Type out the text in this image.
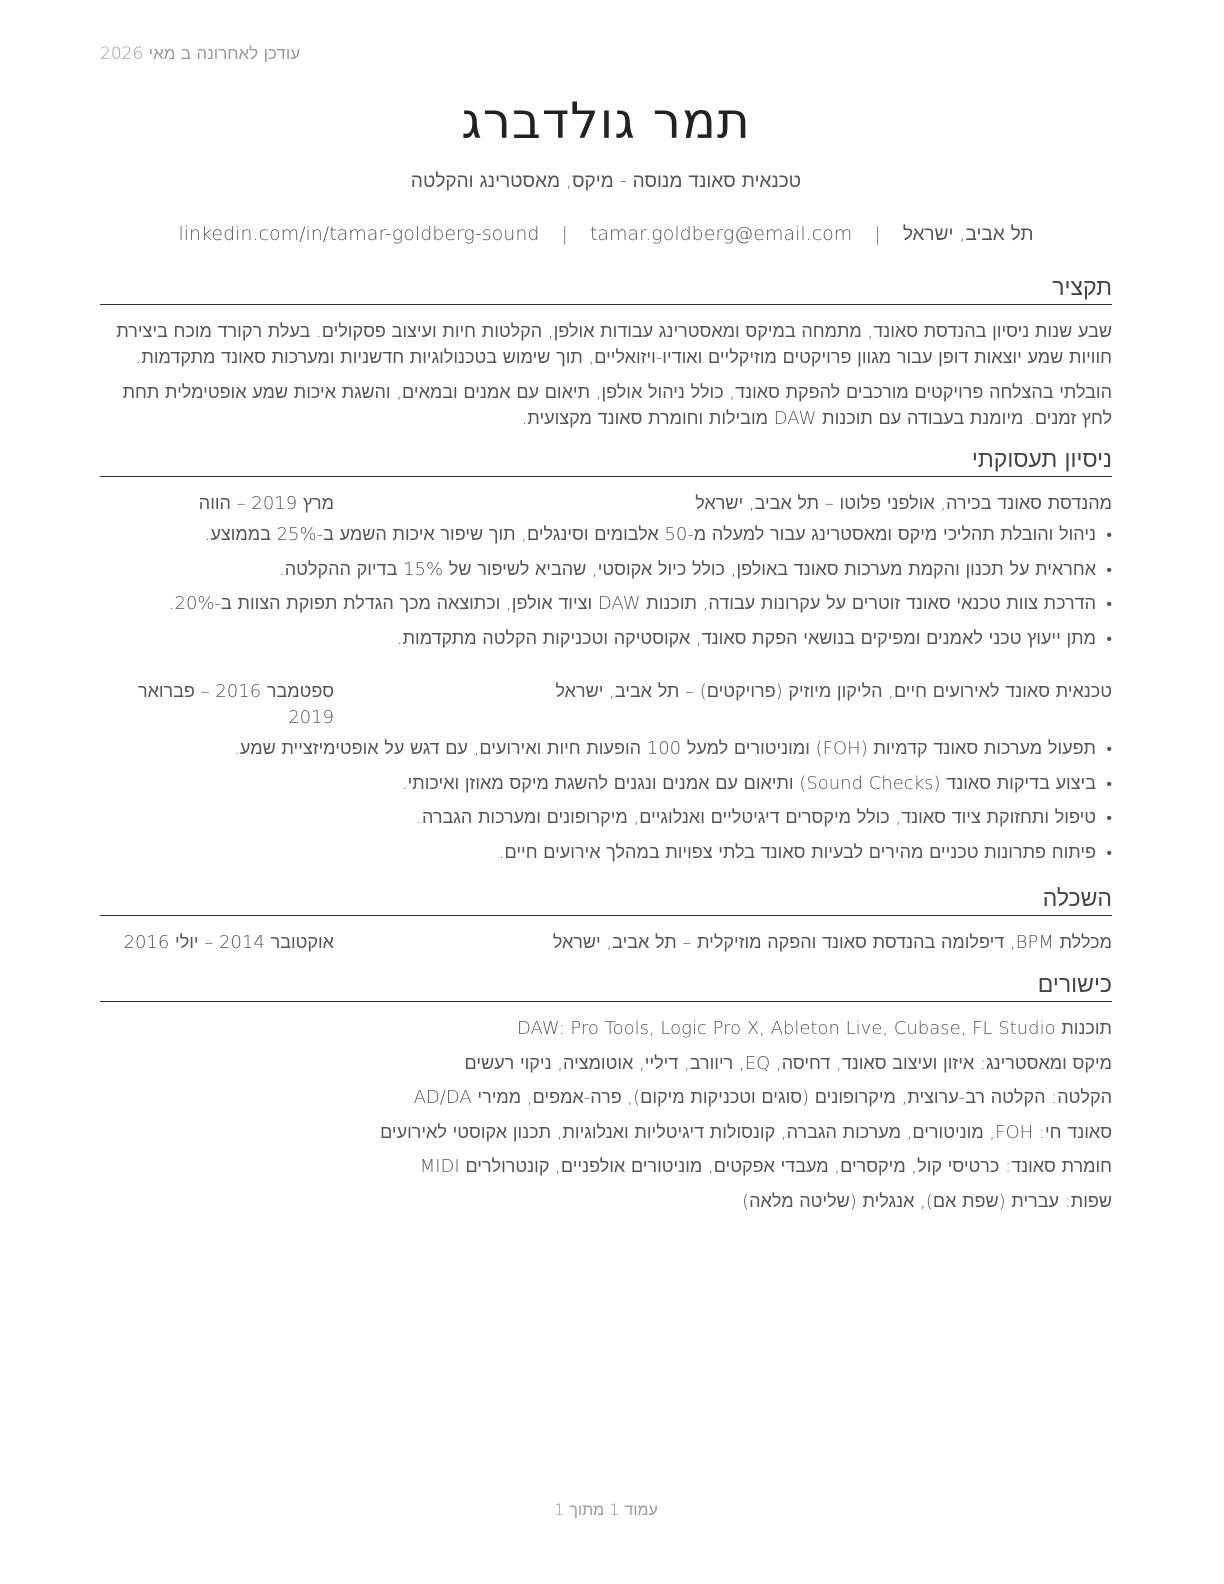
עודכן לאחרונה ב מאי 2026
תמר גולדברג
טכנאית סאונד מנוסה - מיקס, מאסטרינג והקלטה
תל אביב, ישראל | tamar.goldberg@email.com | linkedin.com/in/tamar-goldberg-sound
תקציר
שבע שנות ניסיון בהנדסת סאונד, מתמחה במיקס ומאסטרינג עבודות אולפן, הקלטות חיות ועיצוב פסקולים. בעלת רקורד מוכח ביצירת חוויות שמע יוצאות דופן עבור מגוון פרויקטים מוזיקליים ואודיו-ויזואליים, תוך שימוש בטכנולוגיות חדשניות ומערכות סאונד מתקדמות.
הובלתי בהצלחה פרויקטים מורכבים להפקת סאונד, כולל ניהול אולפן, תיאום עם אמנים ובמאים, והשגת איכות שמע אופטימלית תחת לחץ זמנים. מיומנת בעבודה עם תוכנות DAW מובילות וחומרת סאונד מקצועית.
ניסיון תעסוקתי
מהנדסת סאונד בכירה, אולפני פלוטו – תל אביב, ישראל
מרץ 2019 – הווה
• ניהול והובלת תהליכי מיקס ומאסטרינג עבור למעלה מ-50 אלבומים וסינגלים, תוך שיפור איכות השמע ב-25% בממוצע.
• אחראית על תכנון והקמת מערכות סאונד באולפן, כולל כיול אקוסטי, שהביא לשיפור של 15% בדיוק ההקלטה.
• הדרכת צוות טכנאי סאונד זוטרים על עקרונות עבודה, תוכנות DAW וציוד אולפן, וכתוצאה מכך הגדלת תפוקת הצוות ב-20%.
• מתן ייעוץ טכני לאמנים ומפיקים בנושאי הפקת סאונד, אקוסטיקה וטכניקות הקלטה מתקדמות.
טכנאית סאונד לאירועים חיים, הליקון מיוזיק (פרויקטים) – תל אביב, ישראל
ספטמבר 2016 – פברואר 2019
• תפעול מערכות סאונד קדמיות (FOH) ומוניטורים למעל 100 הופעות חיות ואירועים, עם דגש על אופטימיזציית שמע.
• ביצוע בדיקות סאונד (Sound Checks) ותיאום עם אמנים ונגנים להשגת מיקס מאוזן ואיכותי.
• טיפול ותחזוקת ציוד סאונד, כולל מיקסרים דיגיטליים ואנלוגיים, מיקרופונים ומערכות הגברה.
• פיתוח פתרונות טכניים מהירים לבעיות סאונד בלתי צפויות במהלך אירועים חיים.
השכלה
מכללת BPM, דיפלומה בהנדסת סאונד והפקה מוזיקלית – תל אביב, ישראל
אוקטובר 2014 – יולי 2016
כישורים
תוכנות DAW: Pro Tools, Logic Pro X, Ableton Live, Cubase, FL Studio
מיקס ומאסטרינג: איזון ועיצוב סאונד, דחיסה, EQ, ריוורב, דיליי, אוטומציה, ניקוי רעשים
הקלטה: הקלטה רב-ערוצית, מיקרופונים (סוגים וטכניקות מיקום), פרה-אמפים, ממירי AD/DA
סאונד חי: FOH, מוניטורים, מערכות הגברה, קונסולות דיגיטליות ואנלוגיות, תכנון אקוסטי לאירועים
חומרת סאונד: כרטיסי קול, מיקסרים, מעבדי אפקטים, מוניטורים אולפניים, קונטרולרים MIDI
שפות: עברית (שפת אם), אנגלית (שליטה מלאה)
עמוד 1 מתוך 1
